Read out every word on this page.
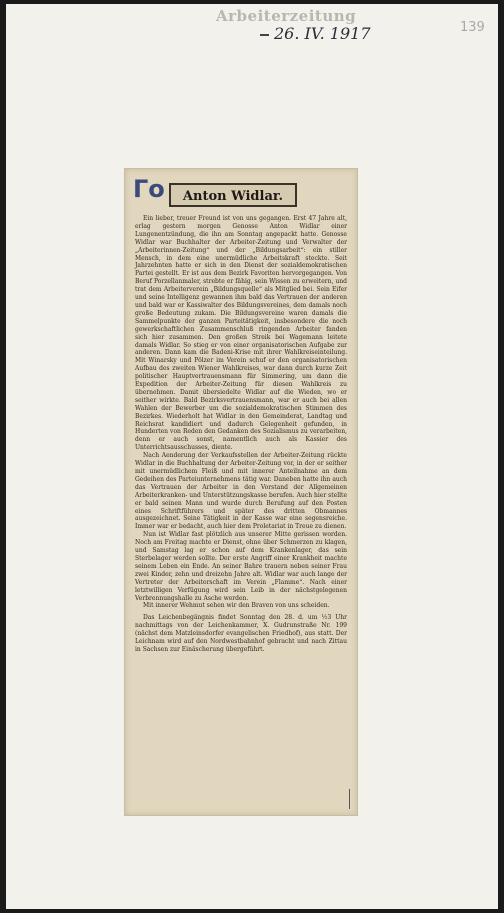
Arbeiterzeitung
26. IV. 1917	139
Γo	Anton Widlar.

Ein lieber, treuer Freund ist von uns gegangen. Erst 47 Jahre alt, erlag gestern morgen Genosse Anton Widlar einer Lungenentzündung, die ihn am Sonntag angepackt hatte. Genosse Widlar war Buchhalter der Arbeiter-Zeitung und Verwalter der „Arbeiterinnen-Zeitung“ und der „Bildungsarbeit“: ein stiller Mensch, in dem eine unermüdliche Arbeitskraft steckte. Seit Jahrzehnten hatte er sich in den Dienst der sozialdemokratischen Partei gestellt. Er ist aus dem Bezirk Favoriten hervorgegangen. Von Beruf Porzellanmaler, strebte er fähig, sein Wissen zu erweitern, und trat dem Arbeiterverein „Bildungsquelle“ als Mitglied bei. Sein Eifer und seine Intelligenz gewannen ihm bald das Vertrauen der anderen und bald war er Kassiwalter des Bildungsvereines, dem damals noch große Bedeutung zukam. Die Bildungsvereine waren damals die Sammelpunkte der ganzen Parteitätigkeit, insbesondere die noch gewerkschaftlichen Zusammenschluß ringenden Arbeiter fanden sich hier zusammen. Den großen Streik bei Wagemann leitete damals Widlar. So stieg er von einer organisatorischen Aufgabe zur anderen. Dann kam die Badeni-Krise mit ihrer Wahlkreiseinteilung. Mit Winarsky und Pölzer im Verein schuf er den organisatorischen Aufbau des zweiten Wiener Wahlkreises, war dann durch kurze Zeit politischer Hauptvertrauensmann für Simmering, um dann die Expedition der Arbeiter-Zeitung für diesen Wahlkreis zu übernehmen. Damit übersiedelte Widlar auf die Wieden, wo er seither wirkte. Bald Bezirksvertrauensmann, war er auch bei allen Wahlen der Bewerber um die sozialdemokratischen Stimmen des Bezirkes. Wiederholt hat Widlar in den Gemeinderat, Landtag und Reichsrat kandidiert und dadurch Gelegenheit gefunden, in Hunderten von Reden den Gedanken des Sozialismus zu verarbeiten, denn er auch sonst, namentlich auch als Kassier des Unterrichtsausschusses, diente.

Nach Aenderung der Verkaufsstellen der Arbeiter-Zeitung rückte Widlar in die Buchhaltung der Arbeiter-Zeitung vor, in der er seither mit unermüdlichem Fleiß und mit innerer Anteilnahme an dem Gedeihen des Parteiunternehmens tätig war. Daneben hatte ihn auch das Vertrauen der Arbeiter in den Vorstand der Allgemeinen Arbeiterkranken- und Unterstützungskasse berufen. Auch hier stellte er bald seinen Mann und wurde durch Berufung auf den Posten eines Schriftführers und später des dritten Obmannes ausgezeichnet. Seine Tätigkeit in der Kasse war eine segensreiche. Immer war er bedacht, auch hier dem Proletariat in Treue zu dienen.

Nun ist Widlar fast plötzlich aus unserer Mitte gerissen worden. Noch am Freitag machte er Dienst, ohne über Schmerzen zu klagen, und Samstag lag er schon auf dem Krankenlager, das sein Sterbelager werden sollte. Der erste Angriff einer Krankheit machte seinem Leben ein Ende. An seiner Bahre trauern neben seiner Frau zwei Kinder, zehn und dreizehn Jahre alt. Widlar war auch lange der Vertreter der Arbeiterschaft im Verein „Flamme“. Nach einer letztwilligen Verfügung wird sein Leib in der nächstgelegenen Verbrennungshalle zu Asche werden.

Mit innerer Wehmut sehen wir den Braven von uns scheiden.

Das Leichenbegängnis findet Sonntag den 28. d. um ½3 Uhr nachmittags von der Leichenkammer, X. Gudrunstraße Nr. 199 (nächst dem Matzleinsdorfer evangelischen Friedhof), aus statt. Der Leichnam wird auf den Nordwestbahnhof gebracht und nach Zittau in Sachsen zur Einäscherung übergeführt.
